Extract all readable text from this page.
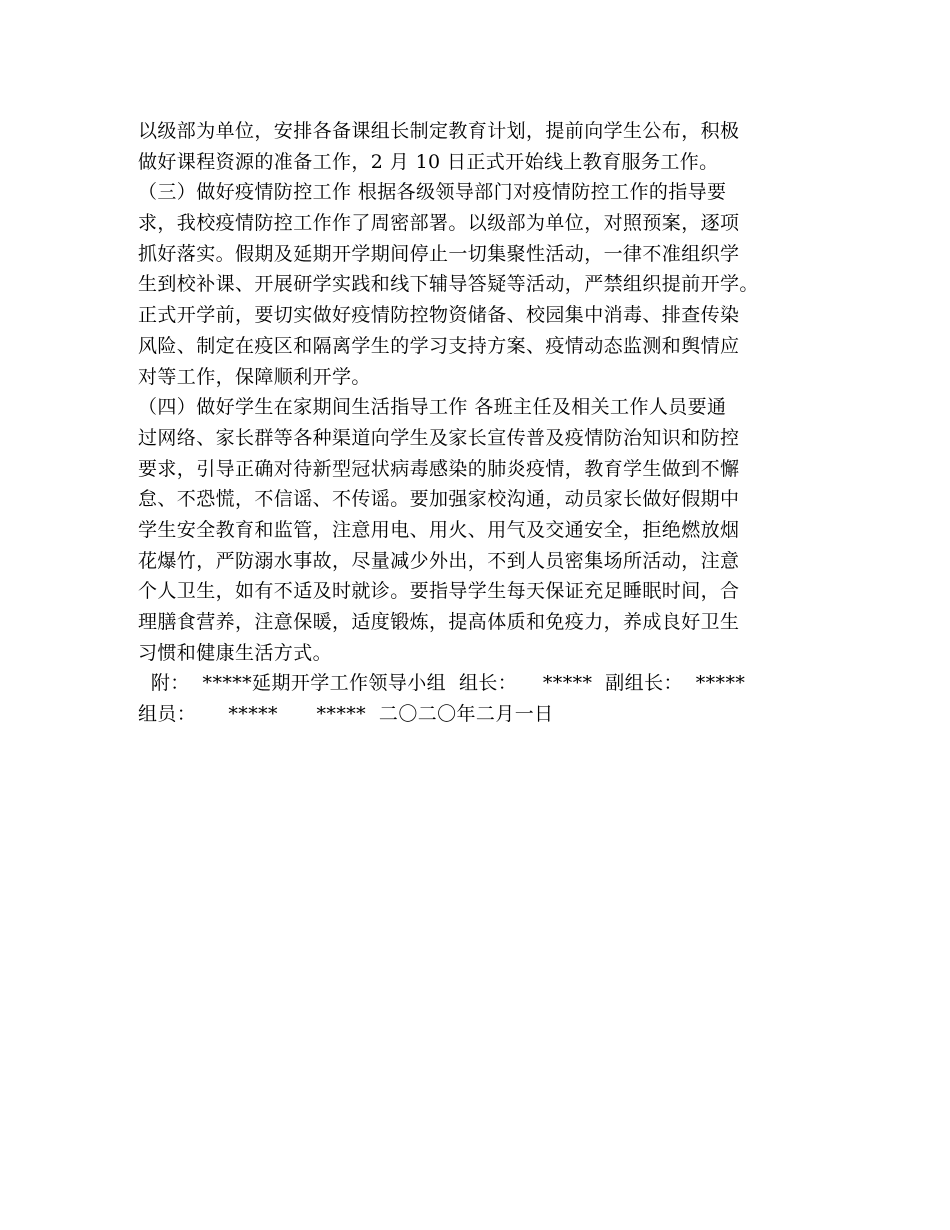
以级部为单位，安排各备课组长制定教育计划，提前向学生公布，积极
做好课程资源的准备工作，2 月 10 日正式开始线上教育服务工作。
（三）做好疫情防控工作 根据各级领导部门对疫情防控工作的指导要
求，我校疫情防控工作作了周密部署。以级部为单位，对照预案，逐项
抓好落实。假期及延期开学期间停止一切集聚性活动，一律不准组织学
生到校补课、开展研学实践和线下辅导答疑等活动，严禁组织提前开学。
正式开学前，要切实做好疫情防控物资储备、校园集中消毒、排查传染
风险、制定在疫区和隔离学生的学习支持方案、疫情动态监测和舆情应
对等工作，保障顺利开学。
（四）做好学生在家期间生活指导工作 各班主任及相关工作人员要通
过网络、家长群等各种渠道向学生及家长宣传普及疫情防治知识和防控
要求，引导正确对待新型冠状病毒感染的肺炎疫情，教育学生做到不懈
怠、不恐慌，不信谣、不传谣。要加强家校沟通，动员家长做好假期中
学生安全教育和监管，注意用电、用火、用气及交通安全，拒绝燃放烟
花爆竹，严防溺水事故，尽量减少外出，不到人员密集场所活动，注意
个人卫生，如有不适及时就诊。要指导学生每天保证充足睡眠时间，合
理膳食营养，注意保暖，适度锻炼，提高体质和免疫力，养成良好卫生
习惯和健康生活方式。
附：  *****延期开学工作领导小组  组长：    *****  副组长：  *****
组员：     *****      *****  二〇二〇年二月一日
